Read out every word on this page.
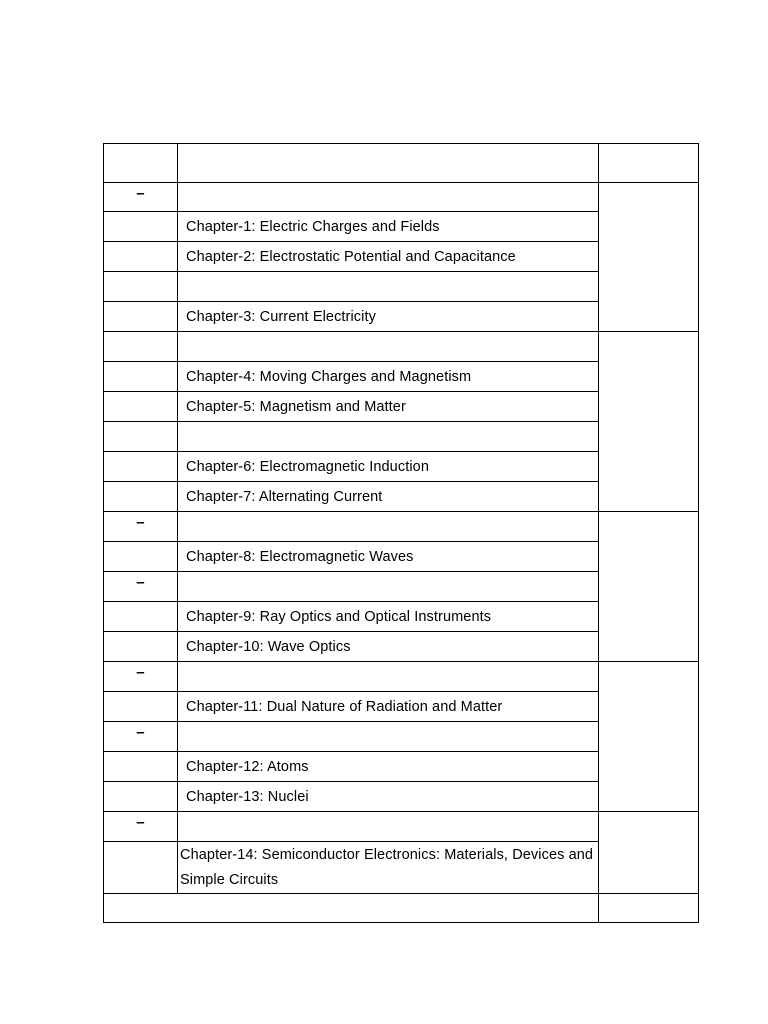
–
Chapter-1: Electric Charges and Fields
Chapter-2: Electrostatic Potential and Capacitance
Chapter-3: Current Electricity
Chapter-4: Moving Charges and Magnetism
Chapter-5: Magnetism and Matter
Chapter-6: Electromagnetic Induction
Chapter-7: Alternating Current
–
Chapter-8: Electromagnetic Waves
–
Chapter-9: Ray Optics and Optical Instruments
Chapter-10: Wave Optics
–
Chapter-11: Dual Nature of Radiation and Matter
–
Chapter-12: Atoms
Chapter-13: Nuclei
–
Chapter-14: Semiconductor Electronics: Materials, Devices and Simple Circuits
